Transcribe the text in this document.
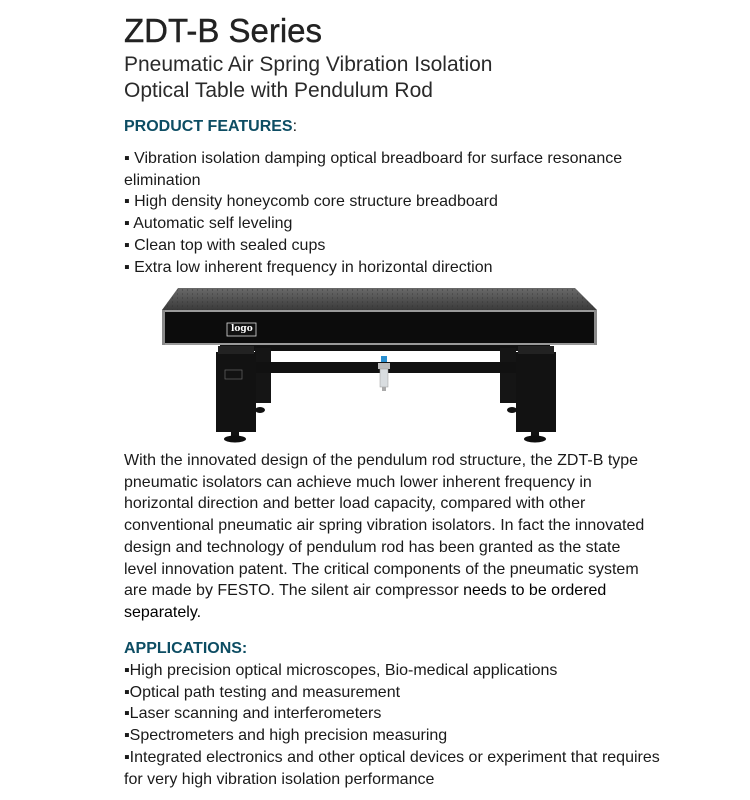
ZDT-B Series
Pneumatic Air Spring Vibration Isolation
Optical Table with Pendulum Rod
PRODUCT FEATURES:
▪ Vibration isolation damping optical breadboard for surface resonance elimination
▪ High density honeycomb core structure breadboard
▪ Automatic self leveling
▪ Clean top with sealed cups
▪ Extra low inherent frequency in horizontal direction
logo

With the innovated design of the pendulum rod structure, the ZDT-B type pneumatic isolators can achieve much lower inherent frequency in horizontal direction and better load capacity, compared with other conventional pneumatic air spring vibration isolators. In fact the innovated design and technology of pendulum rod has been granted as the state level innovation patent. The critical components of the pneumatic system are made by FESTO. The silent air compressor needs to be ordered separately.

APPLICATIONS:
▪High precision optical microscopes, Bio-medical applications
▪Optical path testing and measurement
▪Laser scanning and interferometers
▪Spectrometers and high precision measuring
▪Integrated electronics and other optical devices or experiment that requires for very high vibration isolation performance
